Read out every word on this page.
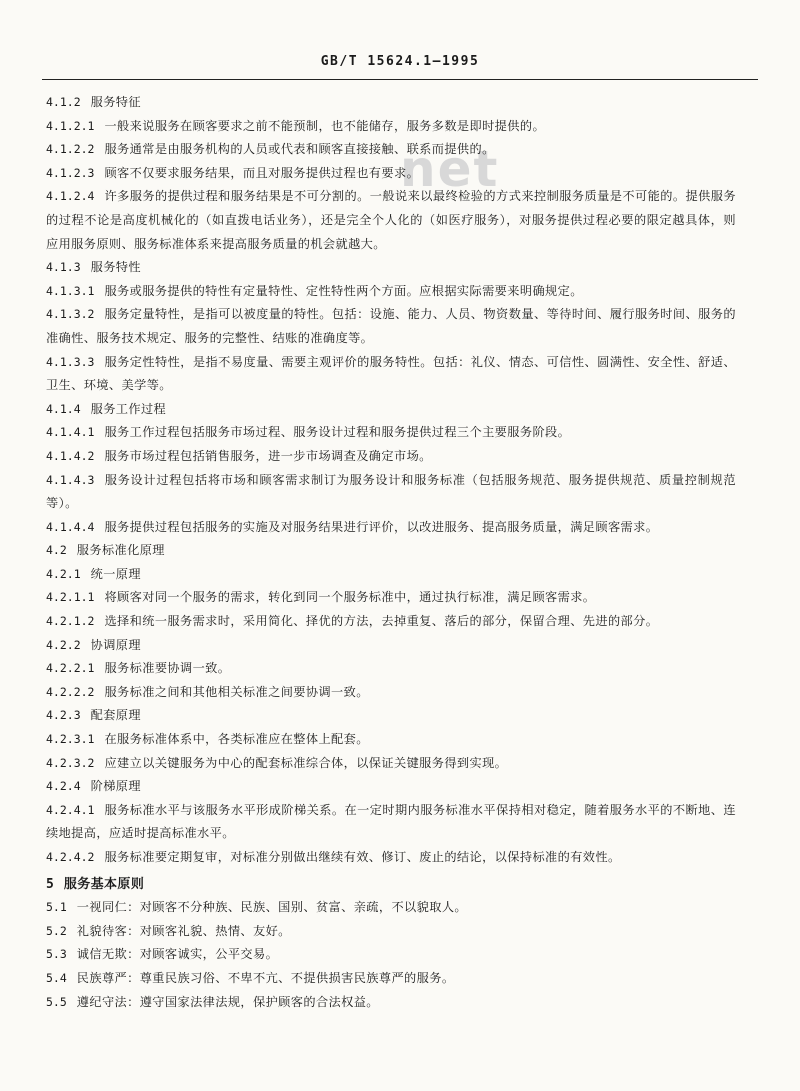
GB/T 15624.1—1995
net
4.1.2 服务特征
4.1.2.1 一般来说服务在顾客要求之前不能预制，也不能储存，服务多数是即时提供的。
4.1.2.2 服务通常是由服务机构的人员或代表和顾客直接接触、联系而提供的。
4.1.2.3 顾客不仅要求服务结果，而且对服务提供过程也有要求。
4.1.2.4 许多服务的提供过程和服务结果是不可分割的。一般说来以最终检验的方式来控制服务质量是不可能的。提供服务的过程不论是高度机械化的（如直拨电话业务），还是完全个人化的（如医疗服务），对服务提供过程必要的限定越具体，则应用服务原则、服务标准体系来提高服务质量的机会就越大。
4.1.3 服务特性
4.1.3.1 服务或服务提供的特性有定量特性、定性特性两个方面。应根据实际需要来明确规定。
4.1.3.2 服务定量特性，是指可以被度量的特性。包括：设施、能力、人员、物资数量、等待时间、履行服务时间、服务的准确性、服务技术规定、服务的完整性、结账的准确度等。
4.1.3.3 服务定性特性，是指不易度量、需要主观评价的服务特性。包括：礼仪、情态、可信性、圆满性、安全性、舒适、卫生、环境、美学等。
4.1.4 服务工作过程
4.1.4.1 服务工作过程包括服务市场过程、服务设计过程和服务提供过程三个主要服务阶段。
4.1.4.2 服务市场过程包括销售服务，进一步市场调查及确定市场。
4.1.4.3 服务设计过程包括将市场和顾客需求制订为服务设计和服务标准（包括服务规范、服务提供规范、质量控制规范等）。
4.1.4.4 服务提供过程包括服务的实施及对服务结果进行评价，以改进服务、提高服务质量，满足顾客需求。
4.2 服务标准化原理
4.2.1 统一原理
4.2.1.1 将顾客对同一个服务的需求，转化到同一个服务标准中，通过执行标准，满足顾客需求。
4.2.1.2 选择和统一服务需求时，采用简化、择优的方法，去掉重复、落后的部分，保留合理、先进的部分。
4.2.2 协调原理
4.2.2.1 服务标准要协调一致。
4.2.2.2 服务标准之间和其他相关标准之间要协调一致。
4.2.3 配套原理
4.2.3.1 在服务标准体系中，各类标准应在整体上配套。
4.2.3.2 应建立以关键服务为中心的配套标准综合体，以保证关键服务得到实现。
4.2.4 阶梯原理
4.2.4.1 服务标准水平与该服务水平形成阶梯关系。在一定时期内服务标准水平保持相对稳定，随着服务水平的不断地、连续地提高，应适时提高标准水平。
4.2.4.2 服务标准要定期复审，对标准分别做出继续有效、修订、废止的结论，以保持标准的有效性。
5 服务基本原则
5.1 一视同仁：对顾客不分种族、民族、国别、贫富、亲疏，不以貌取人。
5.2 礼貌待客：对顾客礼貌、热情、友好。
5.3 诚信无欺：对顾客诚实，公平交易。
5.4 民族尊严：尊重民族习俗、不卑不亢、不提供损害民族尊严的服务。
5.5 遵纪守法：遵守国家法律法规，保护顾客的合法权益。
